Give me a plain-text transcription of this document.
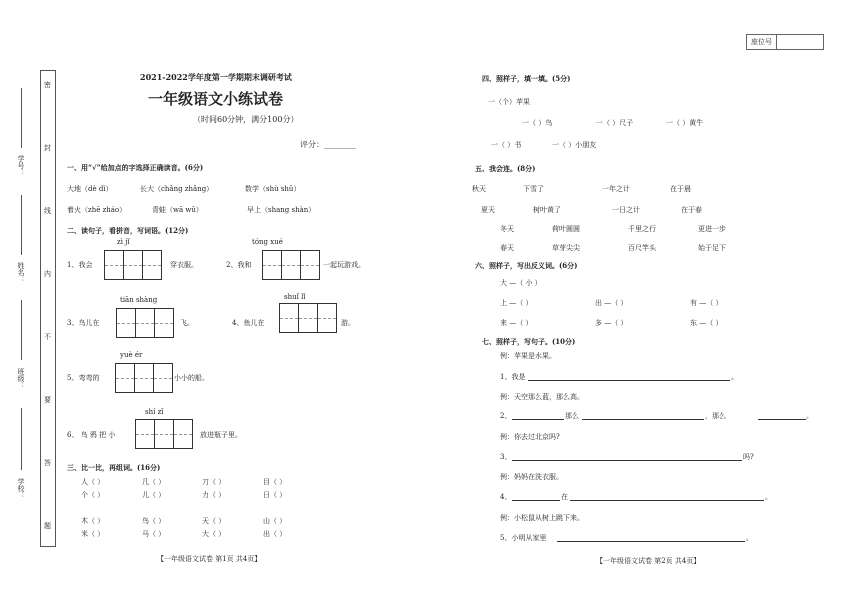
座位号
密
封
线
内
不
要
答
题
学号：
姓名：
班级：
学校：
2021-2022学年度第一学期期末调研考试
一年级语文小练试卷
（时间60分钟，满分100分）
评分：________
一、用“√”给加点的字选择正确读音。(6分)
大地（dè dì）	长大（chǎng zhǎng）	数学（shù shǔ）
着火（zhē zháo）	青蛙（wā wǔ）	早上（shang shàn）
二、读句子，看拼音，写词语。(12分)
zì jǐ
1、我会	穿衣服。
tóng xué
2、我和	一起玩游戏。
tiān shàng
3、鸟儿在	飞。
shuǐ lǐ
4、鱼儿在	游。
yuè ér
5、弯弯的	小小的船。
shí zǐ
6、 鸟 鸦 把 小	放进瓶子里。
三、比一比，再组词。(16分)
人（ ）	几（ ）	刀（ ）	目（ ）
个（ ）	儿（ ）	力（ ）	日（ ）
木（ ）	鸟（ ）	天（ ）	山（ ）
米（ ）	马（ ）	大（ ）	出（ ）
【一年级语文试卷 第1页 共4页】
四、照样子，填一填。(5分)
一（个）苹果
一（ ）鸟	一（ ）尺子	一（ ）黄牛
一（ ）书	一（ ）小朋友
五、我会连。(8分)
秋天	下雪了	一年之计	在于晨
夏天	树叶黄了	一日之计	在于春
冬天	荷叶圆圆	千里之行	更进一步
春天	草芽尖尖	百尺竿头	始于足下
六、照样子，写出反义词。(6分)
大 —（ 小 ）
上 —（ ）	出 —（ ）	有 —（ ）
来 —（ ）	多 —（ ）	东 —（ ）
七、照样子，写句子。(10分)
例：苹果是水果。
1、我是	。
例：天空那么蓝，那么高。
2、	那么	，那么	。
例：你去过北京吗?
3、	吗?
例：妈妈在洗衣服。
4、	在	。
例：小松鼠从树上跳下来。
5、小明从家里	。
【一年级语文试卷 第2页 共4页】
